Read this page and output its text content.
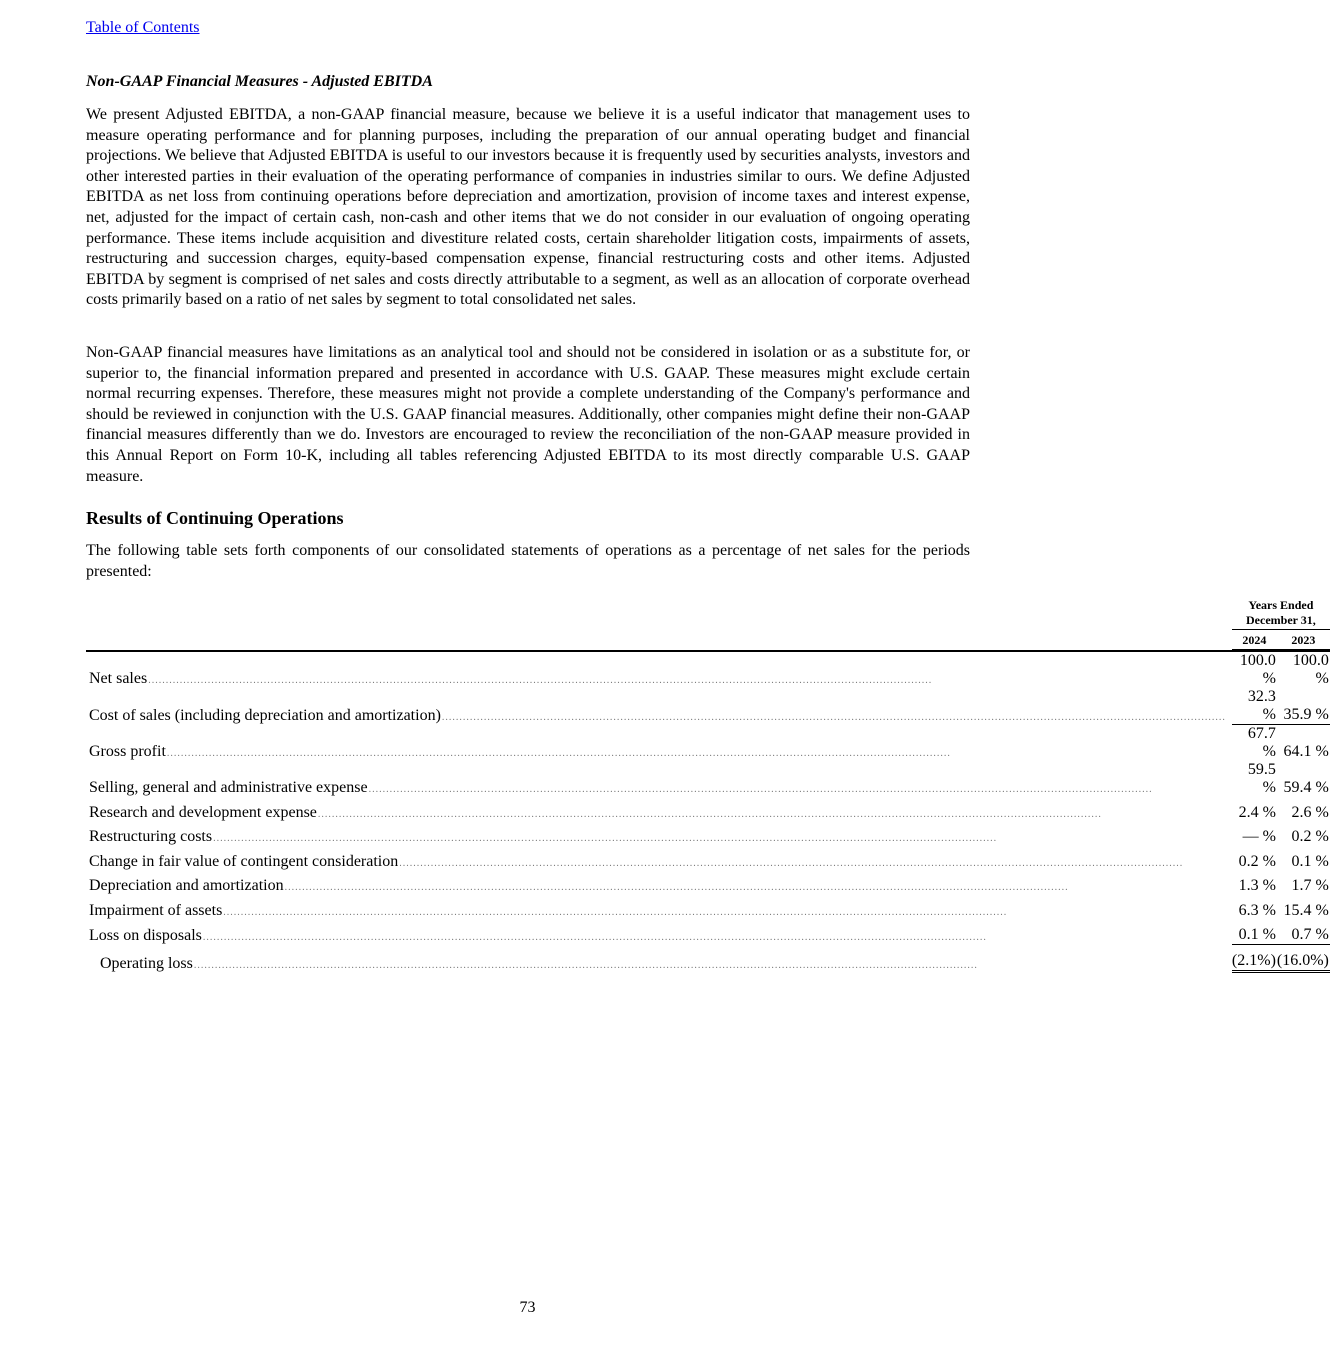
Table of Contents
Non-GAAP Financial Measures - Adjusted EBITDA

We present Adjusted EBITDA, a non-GAAP financial measure, because we believe it is a useful indicator that management uses to measure operating performance and for planning purposes, including the preparation of our annual operating budget and financial projections. We believe that Adjusted EBITDA is useful to our investors because it is frequently used by securities analysts, investors and other interested parties in their evaluation of the operating performance of companies in industries similar to ours. We define Adjusted EBITDA as net loss from continuing operations before depreciation and amortization, provision of income taxes and interest expense, net, adjusted for the impact of certain cash, non-cash and other items that we do not consider in our evaluation of ongoing operating performance. These items include acquisition and divestiture related costs, certain shareholder litigation costs, impairments of assets, restructuring and succession charges, equity-based compensation expense, financial restructuring costs and other items. Adjusted EBITDA by segment is comprised of net sales and costs directly attributable to a segment, as well as an allocation of corporate overhead costs primarily based on a ratio of net sales by segment to total consolidated net sales.

Non-GAAP financial measures have limitations as an analytical tool and should not be considered in isolation or as a substitute for, or superior to, the financial information prepared and presented in accordance with U.S. GAAP. These measures might exclude certain normal recurring expenses. Therefore, these measures might not provide a complete understanding of the Company's performance and should be reviewed in conjunction with the U.S. GAAP financial measures. Additionally, other companies might define their non-GAAP financial measures differently than we do. Investors are encouraged to review the reconciliation of the non-GAAP measure provided in this Annual Report on Form 10-K, including all tables referencing Adjusted EBITDA to its most directly comparable U.S. GAAP measure.

Results of Continuing Operations

The following table sets forth components of our consolidated statements of operations as a percentage of net sales for the periods presented:

	Years Ended December 31,	
	2024		2023

Net sales
.....	100.0 %		100.0 %

Cost of sales (including depreciation and amortization)
.....	32.3 %		35.9 %

Gross profit
.....	67.7 %		64.1 %

Selling, general and administrative expense
.....	59.5 %		59.4 %

Research and development expense
.....	2.4 %		2.6 %

Restructuring costs
.....	— %		0.2 %

Change in fair value of contingent consideration
.....	0.2 %		0.1 %

Depreciation and amortization
.....	1.3 %		1.7 %

Impairment of assets
.....	6.3 %		15.4 %

Loss on disposals
.....	0.1 %		0.7 %

Operating loss
.....	(2.1%)		(16.0%)
73
